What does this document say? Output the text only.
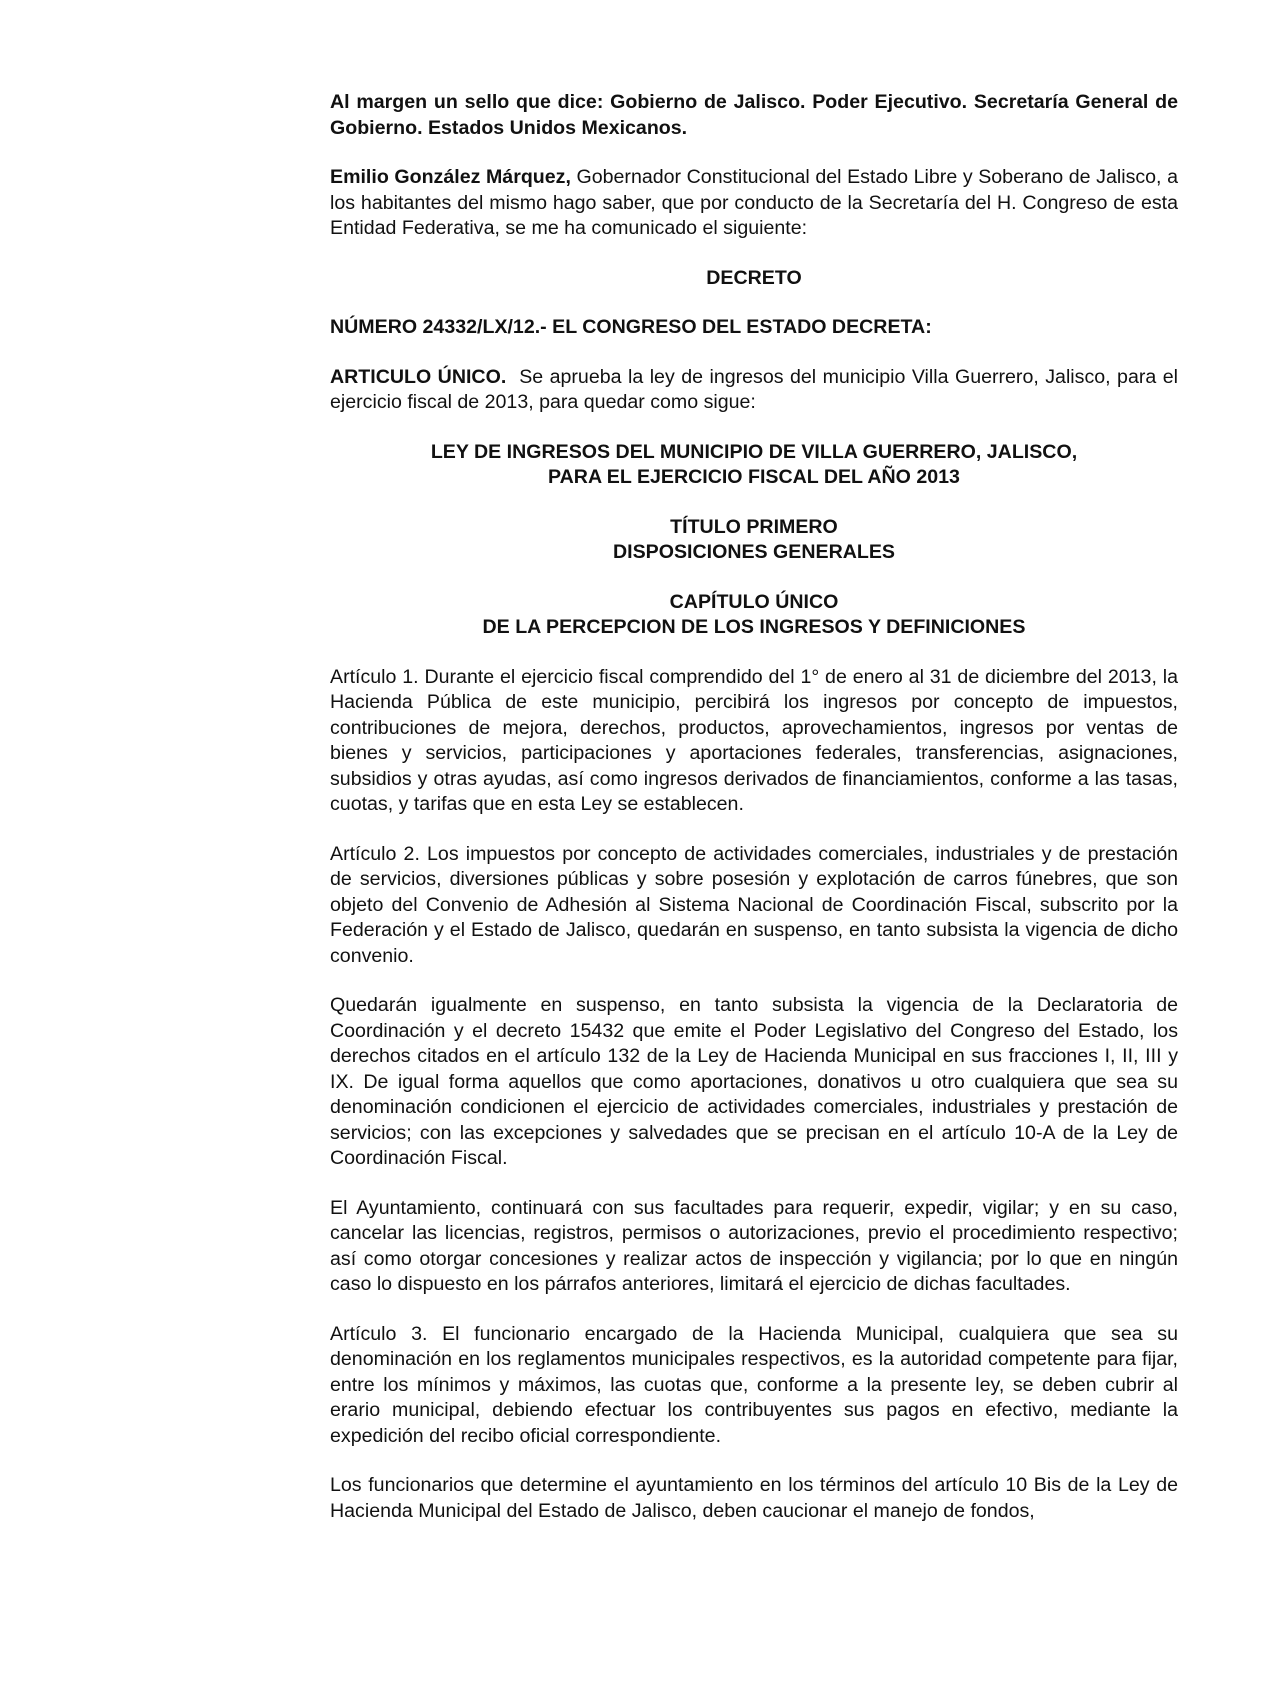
Al margen un sello que dice: Gobierno de Jalisco. Poder Ejecutivo. Secretaría General de Gobierno. Estados Unidos Mexicanos.

Emilio González Márquez, Gobernador Constitucional del Estado Libre y Soberano de Jalisco, a los habitantes del mismo hago saber, que por conducto de la Secretaría del H. Congreso de esta Entidad Federativa, se me ha comunicado el siguiente:

DECRETO

NÚMERO 24332/LX/12.- EL CONGRESO DEL ESTADO DECRETA:

ARTICULO ÚNICO.  Se aprueba la ley de ingresos del municipio Villa Guerrero, Jalisco, para el ejercicio fiscal de 2013, para quedar como sigue:

LEY DE INGRESOS DEL MUNICIPIO DE VILLA GUERRERO, JALISCO,
PARA EL EJERCICIO FISCAL DEL AÑO 2013
TÍTULO PRIMERO
DISPOSICIONES GENERALES
CAPÍTULO ÚNICO
DE LA PERCEPCION DE LOS INGRESOS Y DEFINICIONES

Artículo 1. Durante el ejercicio fiscal comprendido del 1° de enero al 31 de diciembre del 2013, la Hacienda Pública de este municipio, percibirá los ingresos por concepto de impuestos, contribuciones de mejora, derechos, productos, aprovechamientos, ingresos por ventas de bienes y servicios, participaciones y aportaciones federales, transferencias, asignaciones, subsidios y otras ayudas, así como ingresos derivados de financiamientos, conforme a las tasas, cuotas, y tarifas que en esta Ley se establecen.

Artículo 2. Los impuestos por concepto de actividades comerciales, industriales y de prestación de servicios, diversiones públicas y sobre posesión y explotación de carros fúnebres, que son objeto del Convenio de Adhesión al Sistema Nacional de Coordinación Fiscal, subscrito por la Federación y el Estado de Jalisco, quedarán en suspenso, en tanto subsista la vigencia de dicho convenio.

Quedarán igualmente en suspenso, en tanto subsista la vigencia de la Declaratoria de Coordinación y el decreto 15432 que emite el Poder Legislativo del Congreso del Estado, los derechos citados en el artículo 132 de la Ley de Hacienda Municipal en sus fracciones I, II, III y IX. De igual forma aquellos que como aportaciones, donativos u otro cualquiera que sea su denominación condicionen el ejercicio de actividades comerciales, industriales y prestación de servicios; con las excepciones y salvedades que se precisan en el artículo 10-A de la Ley de Coordinación Fiscal.

El Ayuntamiento, continuará con sus facultades para requerir, expedir, vigilar; y en su caso, cancelar las licencias, registros, permisos o autorizaciones, previo el procedimiento respectivo; así como otorgar concesiones y realizar actos de inspección y vigilancia; por lo que en ningún caso lo dispuesto en los párrafos anteriores, limitará el ejercicio de dichas facultades.

Artículo 3. El funcionario encargado de la Hacienda Municipal, cualquiera que sea su denominación en los reglamentos municipales respectivos, es la autoridad competente para fijar, entre los mínimos y máximos, las cuotas que, conforme a la presente ley, se deben cubrir al erario municipal, debiendo efectuar los contribuyentes sus pagos en efectivo, mediante la expedición del recibo oficial correspondiente.

Los funcionarios que determine el ayuntamiento en los términos del artículo 10 Bis de la Ley de Hacienda Municipal del Estado de Jalisco, deben caucionar el manejo de fondos,
